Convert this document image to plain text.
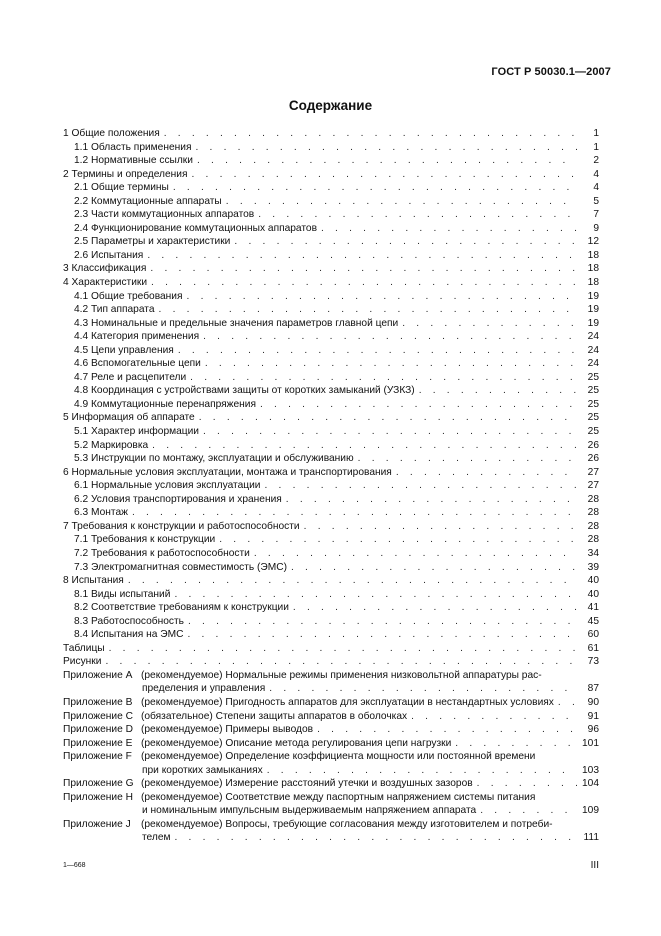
ГОСТ Р 50030.1—2007
Содержание
1 Общие положения . . .	1
1.1 Область применения . . .	1
1.2 Нормативные ссылки . . .	2
2 Термины и определения . . .	4
2.1 Общие термины . . .	4
2.2 Коммутационные аппараты . . .	5
2.3 Части коммутационных аппаратов . . .	7
2.4 Функционирование коммутационных аппаратов . . .	9
2.5 Параметры и характеристики . . .	12
2.6 Испытания . . .	18
3 Классификация . . .	18
4 Характеристики . . .	18
4.1 Общие требования . . .	19
4.2 Тип аппарата . . .	19
4.3 Номинальные и предельные значения параметров главной цепи . . .	19
4.4 Категория применения . . .	24
4.5 Цепи управления . . .	24
4.6 Вспомогательные цепи . . .	24
4.7 Реле и расцепители . . .	25
4.8 Координация с устройствами защиты от коротких замыканий (УЗКЗ) . . .	25
4.9 Коммутационные перенапряжения . . .	25
5 Информация об аппарате . . .	25
5.1 Характер информации . . .	25
5.2 Маркировка . . .	26
5.3 Инструкции по монтажу, эксплуатации и обслуживанию . . .	26
6 Нормальные условия эксплуатации, монтажа и транспортирования . . .	27
6.1 Нормальные условия эксплуатации . . .	27
6.2 Условия транспортирования и хранения . . .	28
6.3 Монтаж . . .	28
7 Требования к конструкции и работоспособности . . .	28
7.1 Требования к конструкции . . .	28
7.2 Требования к работоспособности . . .	34
7.3 Электромагнитная совместимость (ЭМС) . . .	39
8 Испытания . . .	40
8.1 Виды испытаний . . .	40
8.2 Соответствие требованиям к конструкции . . .	41
8.3 Работоспособность . . .	45
8.4 Испытания на ЭМС . . .	60
Таблицы . . .	61
Рисунки . . .	73
Приложение A (рекомендуемое) Нормальные режимы применения низковольтной аппаратуры рас-
пределения и управления . . .	87
Приложение B (рекомендуемое) Пригодность аппаратов для эксплуатации в нестандартных условиях . . .	90
Приложение C (обязательное) Степени защиты аппаратов в оболочках . . .	91
Приложение D (рекомендуемое) Примеры выводов . . .	96
Приложение E (рекомендуемое) Описание метода регулирования цепи нагрузки . . .	101
Приложение F (рекомендуемое) Определение коэффициента мощности или постоянной времени
при коротких замыканиях . . .	103
Приложение G (рекомендуемое) Измерение расстояний утечки и воздушных зазоров . . .	104
Приложение H (рекомендуемое) Соответствие между паспортным напряжением системы питания
и номинальным импульсным выдерживаемым напряжением аппарата . . .	109
Приложение J	(рекомендуемое) Вопросы, требующие согласования между изготовителем и потреби-
телем . . .	111
1—668	III
